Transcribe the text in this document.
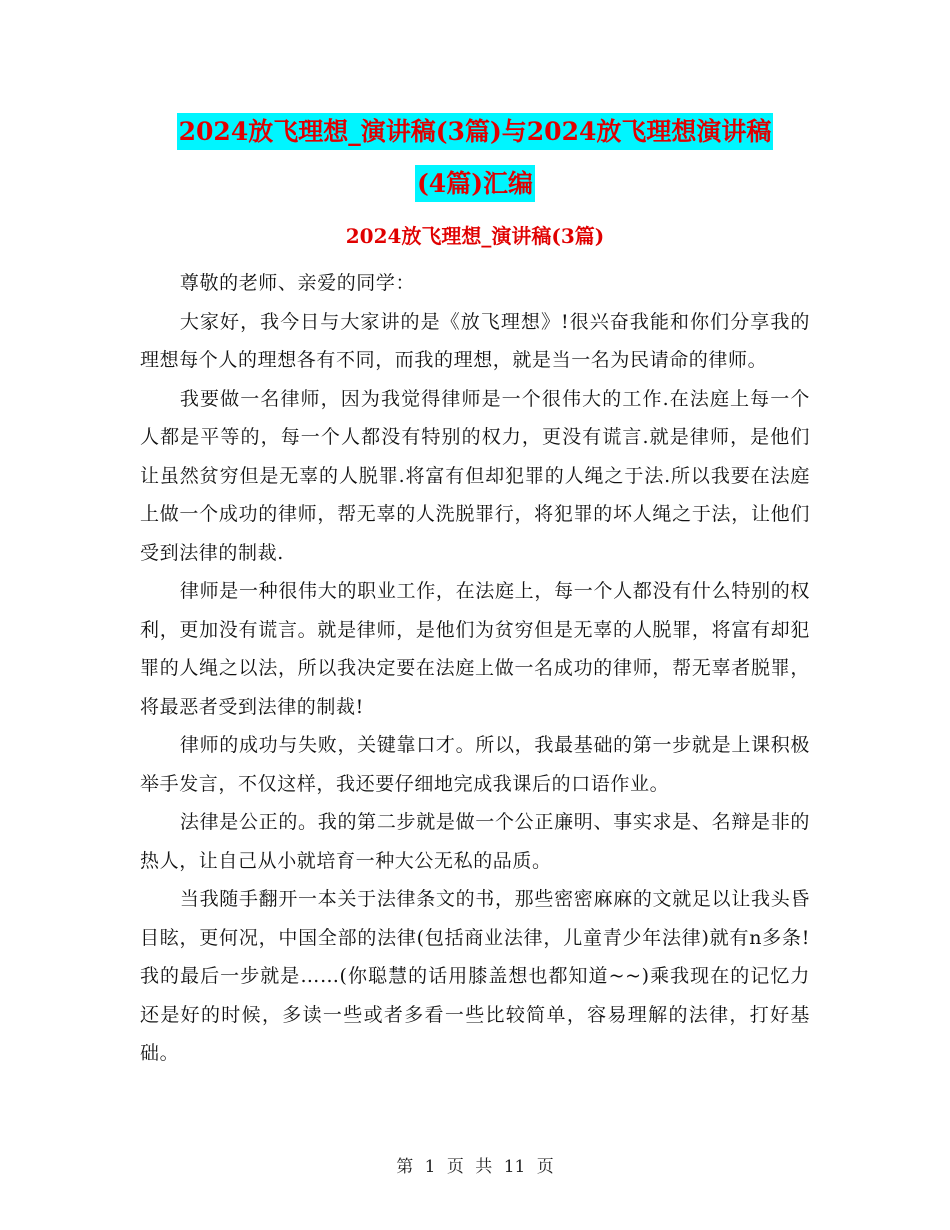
2024放飞理想_演讲稿(3篇)与2024放飞理想演讲稿
(4篇)汇编
2024放飞理想_演讲稿(3篇)

尊敬的老师、亲爱的同学：

大家好，我今日与大家讲的是《放飞理想》!很兴奋我能和你们分享我的理想每个人的理想各有不同，而我的理想，就是当一名为民请命的律师。

我要做一名律师，因为我觉得律师是一个很伟大的工作.在法庭上每一个人都是平等的，每一个人都没有特别的权力，更没有谎言.就是律师，是他们让虽然贫穷但是无辜的人脱罪.将富有但却犯罪的人绳之于法.所以我要在法庭上做一个成功的律师，帮无辜的人洗脱罪行，将犯罪的坏人绳之于法，让他们受到法律的制裁.

律师是一种很伟大的职业工作，在法庭上，每一个人都没有什么特别的权利，更加没有谎言。就是律师，是他们为贫穷但是无辜的人脱罪，将富有却犯罪的人绳之以法，所以我决定要在法庭上做一名成功的律师，帮无辜者脱罪，将最恶者受到法律的制裁!

律师的成功与失败，关键靠口才。所以，我最基础的第一步就是上课积极举手发言，不仅这样，我还要仔细地完成我课后的口语作业。

法律是公正的。我的第二步就是做一个公正廉明、事实求是、名辩是非的热人，让自己从小就培育一种大公无私的品质。

当我随手翻开一本关于法律条文的书，那些密密麻麻的文就足以让我头昏目眩，更何况，中国全部的法律(包括商业法律，儿童青少年法律)就有n多条!我的最后一步就是……(你聪慧的话用膝盖想也都知道~~)乘我现在的记忆力还是好的时候，多读一些或者多看一些比较简单，容易理解的法律，打好基础。

第 1 页 共 11 页
